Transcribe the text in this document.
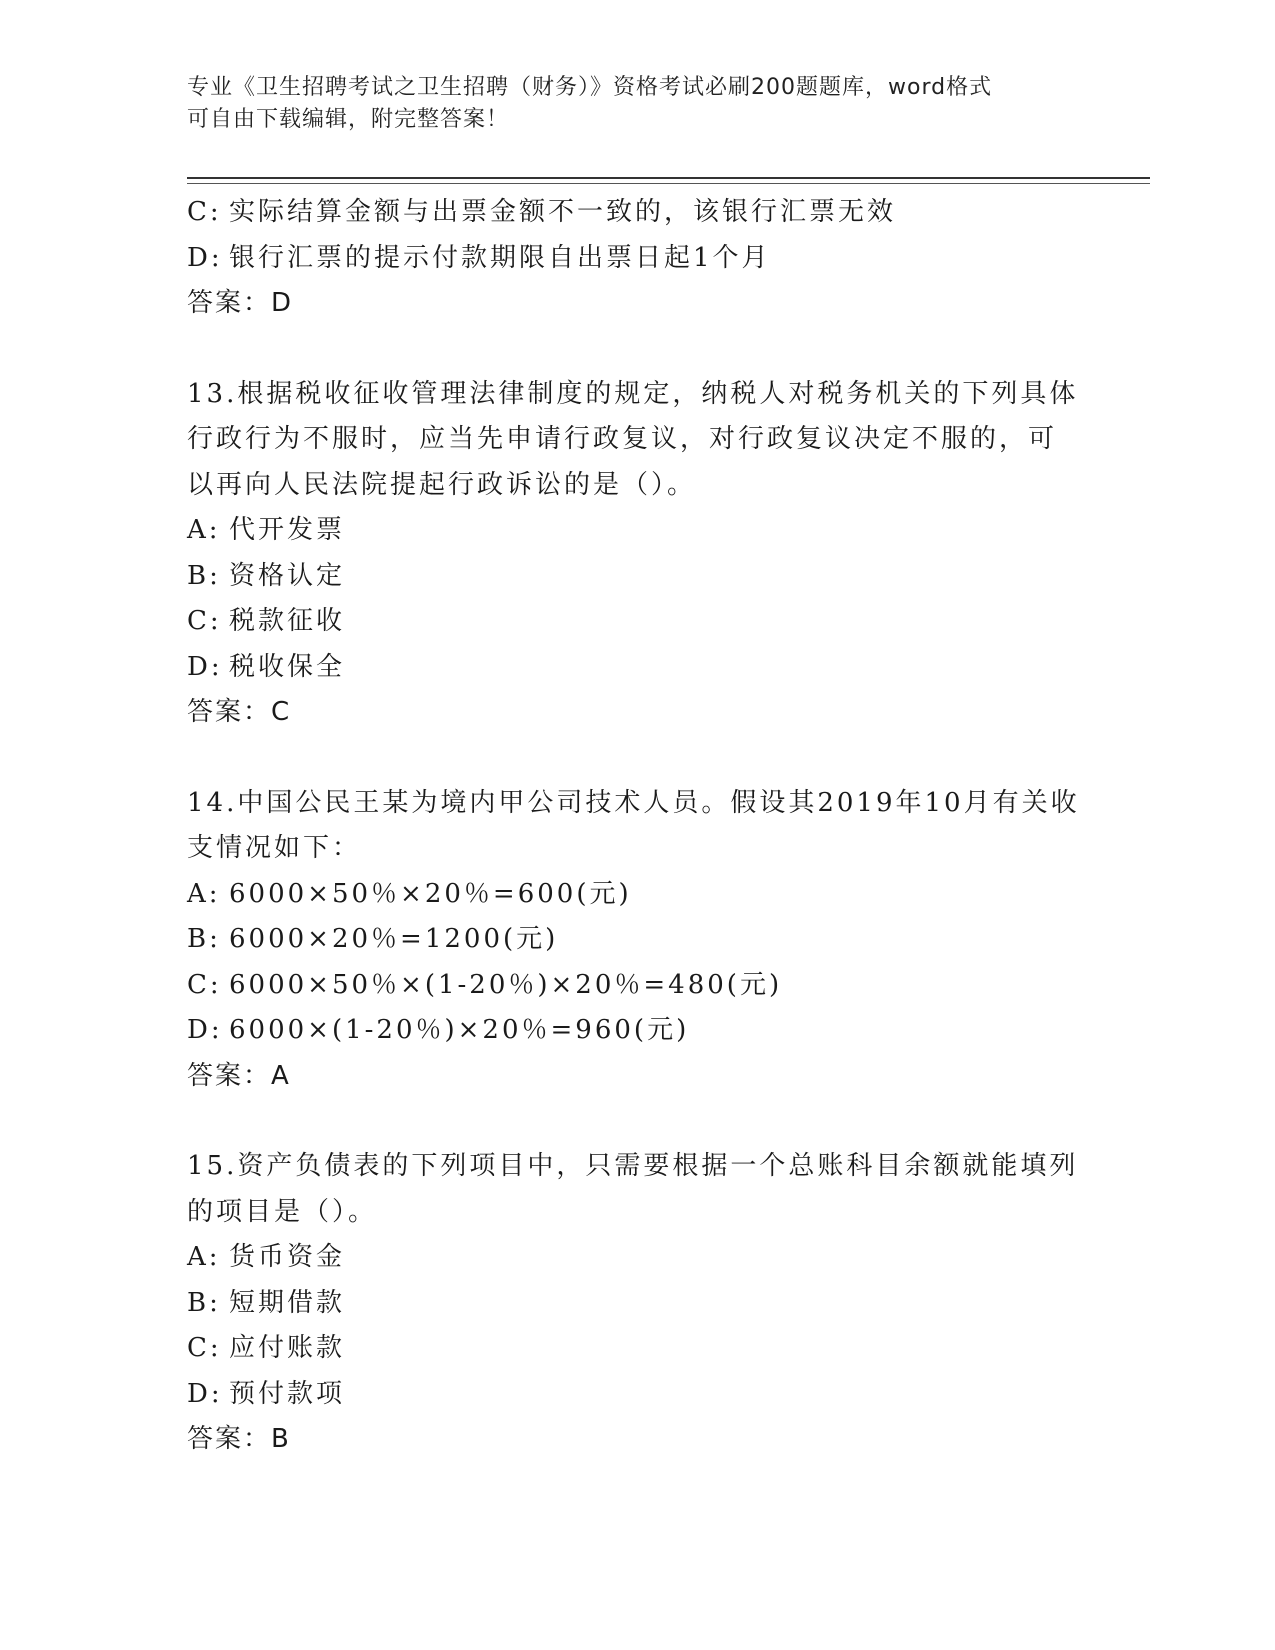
专业《卫生招聘考试之卫生招聘（财务）》资格考试必刷200题题库，word格式
可自由下载编辑，附完整答案！
C: 实际结算金额与出票金额不一致的，该银行汇票无效
D: 银行汇票的提示付款期限自出票日起1个月
答案：D
13.根据税收征收管理法律制度的规定，纳税人对税务机关的下列具体
行政行为不服时，应当先申请行政复议，对行政复议决定不服的，可
以再向人民法院提起行政诉讼的是（）。
A: 代开发票
B: 资格认定
C: 税款征收
D: 税收保全
答案：C
14.中国公民王某为境内甲公司技术人员。假设其2019年10月有关收
支情况如下：
A: 6000×50％×20％=600(元)
B: 6000×20％=1200(元)
C: 6000×50％×(1-20％)×20％=480(元)
D: 6000×(1-20％)×20％=960(元)
答案：A
15.资产负债表的下列项目中，只需要根据一个总账科目余额就能填列
的项目是（）。
A: 货币资金
B: 短期借款
C: 应付账款
D: 预付款项
答案：B
